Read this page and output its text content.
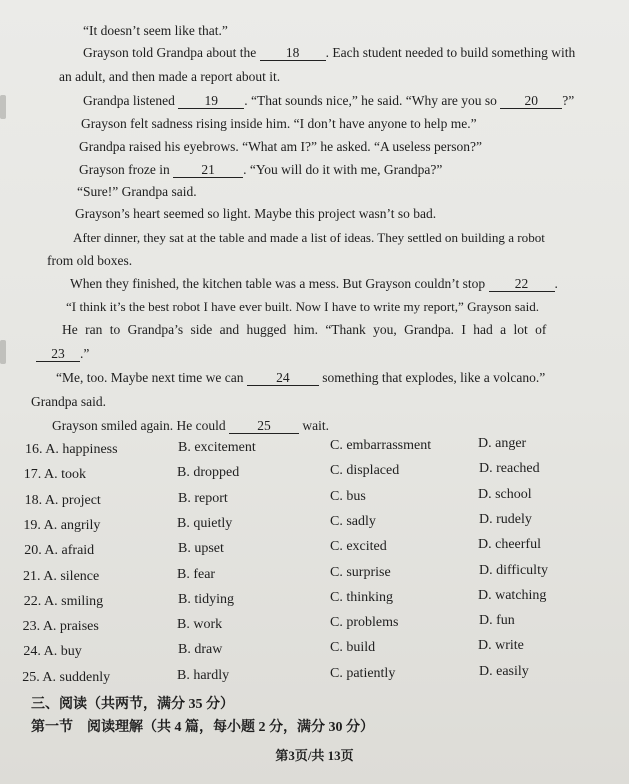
“It doesn’t seem like that.”
Grayson told Grandpa about the 18 . Each student needed to build something with
an adult, and then made a report about it.
Grandpa listened 19 . “That sounds nice,” he said. “Why are you so 20 ?”
Grayson felt sadness rising inside him. “I don’t have anyone to help me.”
Grandpa raised his eyebrows. “What am I?” he asked. “A useless person?”
Grayson froze in 21 . “You will do it with me, Grandpa?”
“Sure!” Grandpa said.
Grayson’s heart seemed so light. Maybe this project wasn’t so bad.
After dinner, they sat at the table and made a list of ideas. They settled on building a robot
from old boxes.
When they finished, the kitchen table was a mess. But Grayson couldn’t stop 22 .
“I think it’s the best robot I have ever built. Now I have to write my report,” Grayson said.
He ran to Grandpa’s side and hugged him. “Thank you, Grandpa. I had a lot of
23 .”
“Me, too. Maybe next time we can 24 something that explodes, like a volcano.”
Grandpa said.
Grayson smiled again. He could 25 wait.
16. A. happiness	B. excitement	C. embarrassment	D. anger
17. A. took	B. dropped	C. displaced	D. reached
18. A. project	B. report	C. bus	D. school
19. A. angrily	B. quietly	C. sadly	D. rudely
20. A. afraid	B. upset	C. excited	D. cheerful
21. A. silence	B. fear	C. surprise	D. difficulty
22. A. smiling	B. tidying	C. thinking	D. watching
23. A. praises	B. work	C. problems	D. fun
24. A. buy	B. draw	C. build	D. write
25. A. suddenly	B. hardly	C. patiently	D. easily
三、阅读（共两节，满分 35 分）
第一节　阅读理解（共 4 篇，每小题 2 分，满分 30 分）
第3页/共 13页
